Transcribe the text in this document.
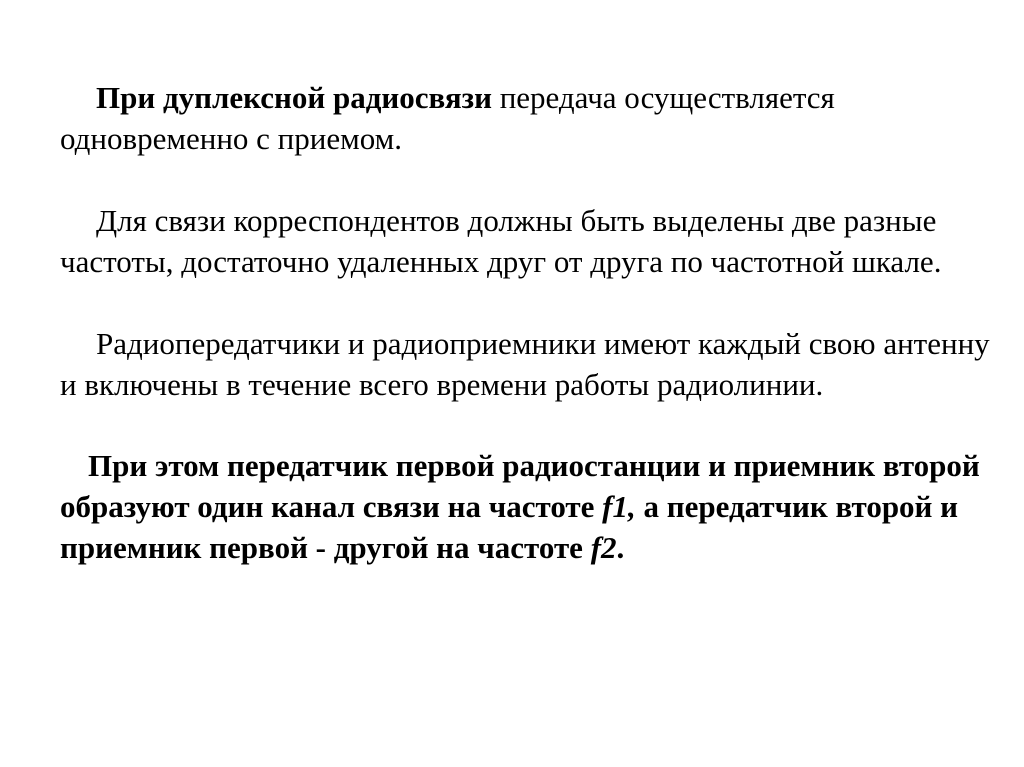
При дуплексной радиосвязи передача осуществляется одновременно с приемом.

Для связи корреспондентов должны быть выделены две разные частоты, достаточно удаленных друг от друга по частотной шкале.

Радиопередатчики и радиоприемники имеют каждый свою антенну и включены в течение всего времени работы радиолинии.

При этом передатчик первой радиостанции и приемник второй образуют один канал связи на частоте f1, а передатчик второй и приемник первой - другой на частоте f2.
